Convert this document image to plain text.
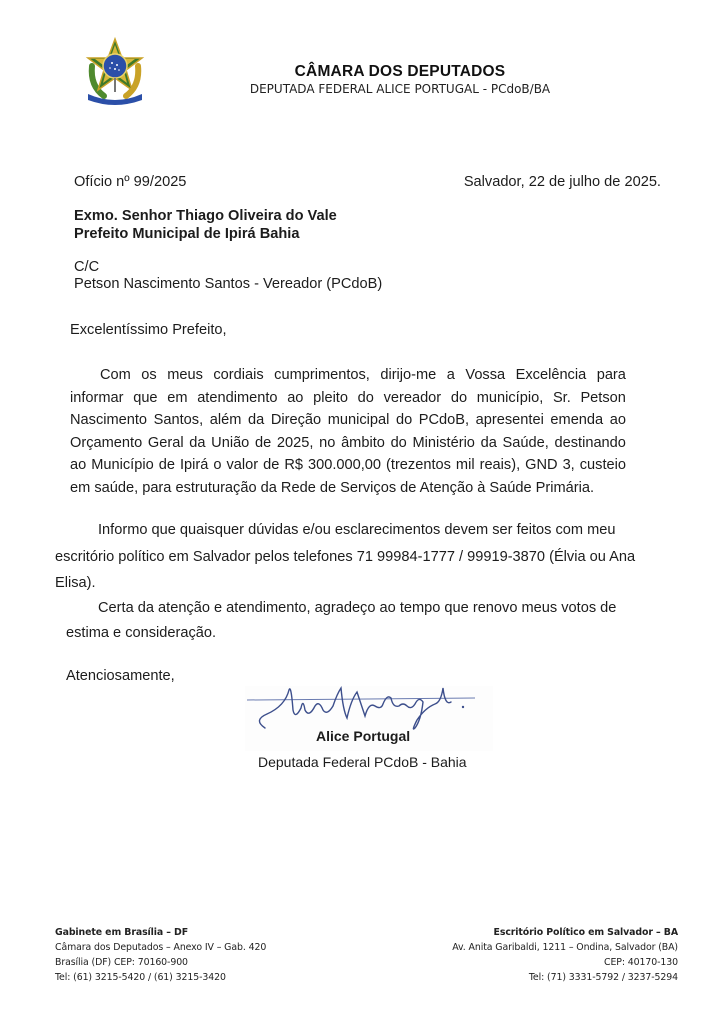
CÂMARA DOS DEPUTADOS
DEPUTADA FEDERAL ALICE PORTUGAL - PCdoB/BA
Ofício nº 99/2025	Salvador, 22 de julho de 2025.
Exmo. Senhor Thiago Oliveira do Vale
Prefeito Municipal de Ipirá Bahia
C/C
Petson Nascimento Santos - Vereador (PCdoB)
Excelentíssimo Prefeito,
Com os meus cordiais cumprimentos, dirijo-me a Vossa Excelência para
informar que em atendimento ao pleito do vereador do município, Sr. Petson
Nascimento Santos, além da Direção municipal do PCdoB, apresentei emenda ao
Orçamento Geral da União de 2025, no âmbito do Ministério da Saúde, destinando
ao Município de Ipirá o valor de R$ 300.000,00 (trezentos mil reais), GND 3, custeio
em saúde, para estruturação da Rede de Serviços de Atenção à Saúde Primária.
Informo que quaisquer dúvidas e/ou esclarecimentos devem ser feitos com meu
escritório político em Salvador pelos telefones 71 99984-1777 / 99919-3870 (Élvia ou Ana
Elisa).
Certa da atenção e atendimento, agradeço ao tempo que renovo meus votos de
estima e consideração.
Atenciosamente,
Alice Portugal
Deputada Federal PCdoB - Bahia
Gabinete em Brasília – DF
Câmara dos Deputados – Anexo IV – Gab. 420
Brasília (DF) CEP: 70160-900
Tel: (61) 3215-5420 / (61) 3215-3420
Escritório Político em Salvador – BA
Av. Anita Garibaldi, 1211 – Ondina, Salvador (BA)
CEP: 40170-130
Tel: (71) 3331-5792 / 3237-5294
